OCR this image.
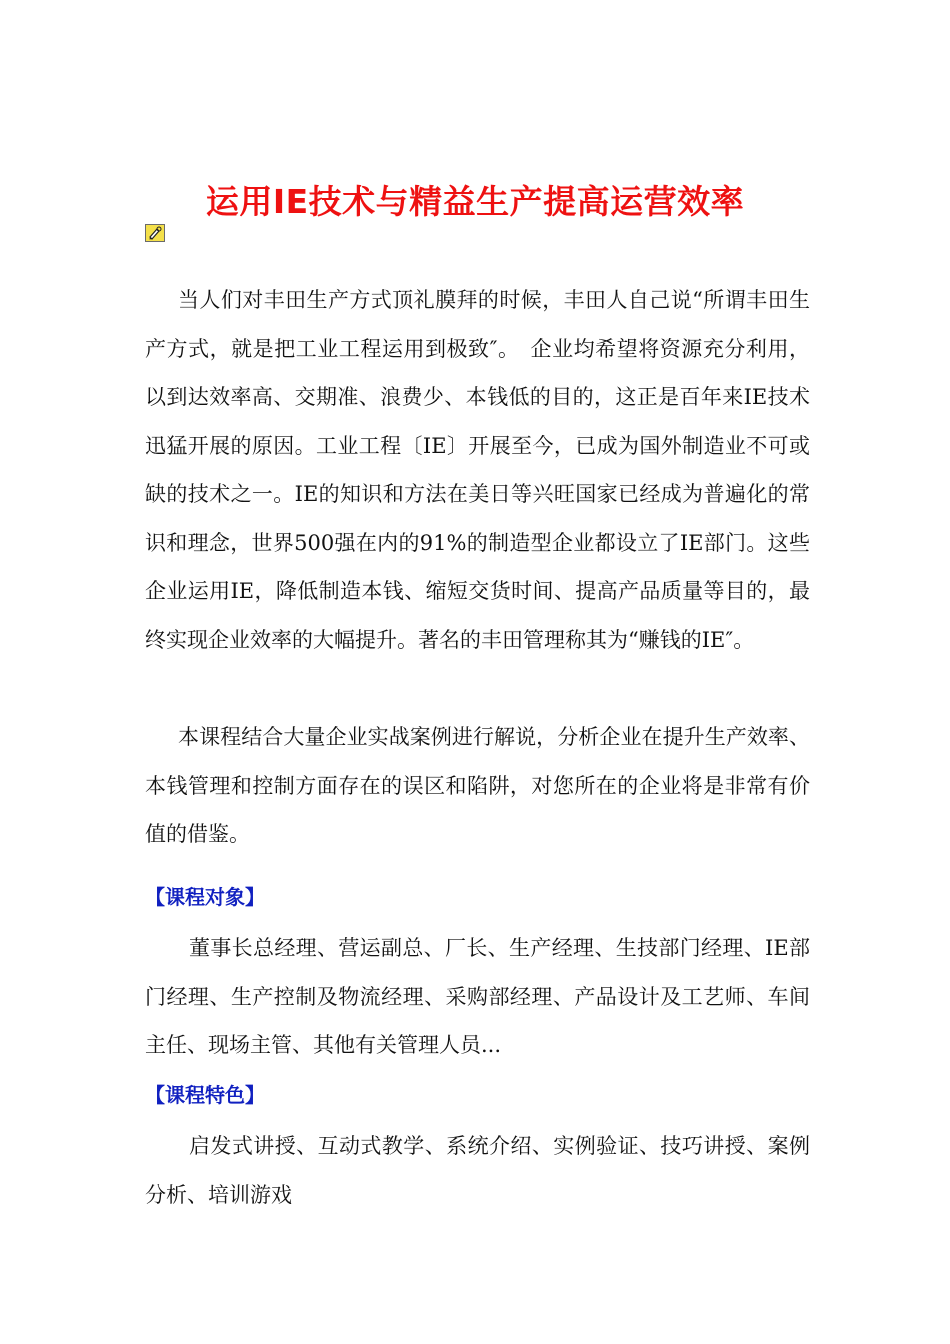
运用IE技术与精益生产提高运营效率

当人们对丰田生产方式顶礼膜拜的时候，丰田人自己说“所谓丰田生产方式，就是把工业工程运用到极致″。　企业均希望将资源充分利用，以到达效率高、交期准、浪费少、本钱低的目的，这正是百年来IE技术迅猛开展的原因。工业工程〔IE〕开展至今，已成为国外制造业不可或缺的技术之一。IE的知识和方法在美日等兴旺国家已经成为普遍化的常识和理念，世界500强在内的91%的制造型企业都设立了IE部门。这些企业运用IE，降低制造本钱、缩短交货时间、提高产品质量等目的，最终实现企业效率的大幅提升。著名的丰田管理称其为“赚钱的IE″。

本课程结合大量企业实战案例进行解说，分析企业在提升生产效率、本钱管理和控制方面存在的误区和陷阱，对您所在的企业将是非常有价值的借鉴。

【课程对象】

董事长总经理、营运副总、厂长、生产经理、生技部门经理、IE部门经理、生产控制及物流经理、采购部经理、产品设计及工艺师、车间主任、现场主管、其他有关管理人员...

【课程特色】

启发式讲授、互动式教学、系统介绍、实例验证、技巧讲授、案例分析、培训游戏
